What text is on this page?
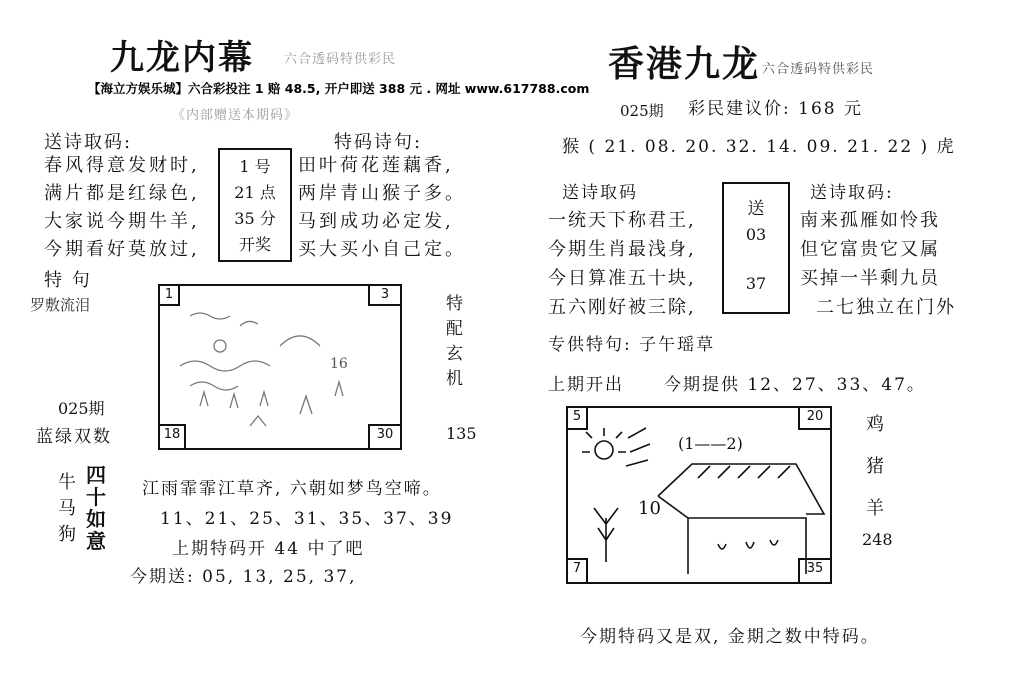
九龙内幕 六合透码特供彩民
【海立方娱乐城】六合彩投注 1 赔 48.5, 开户即送 388 元 . 网址 www.617788.com
《内部赠送本期码》
送诗取码:
春风得意发财时,
满片都是红绿色,
大家说今期牛羊,
今期看好莫放过,
1 号
21 点
35 分
开奖
特码诗句:
田叶荷花莲藕香,
两岸青山猴子多。
马到成功必定发,
买大买小自己定。
特 句
罗敷流泪
1	3
18	30
16
特配玄机
135
025期
蓝绿双数
牛
马
狗
四
十
如
意
江雨霏霏江草齐, 六朝如梦鸟空啼。
11、21、25、31、35、37、39
上期特码开 44 中了吧
今期送: 05, 13, 25, 37,
香港九龙 六合透码特供彩民
025期 彩民建议价: 168 元
猴 ( 21. 08. 20. 32. 14. 09. 21. 22 ) 虎
送诗取码	送诗取码:
一统天下称君王,
今期生肖最浅身,
今日算准五十块,
五六刚好被三除,
送
03
37
南来孤雁如怜我
但它富贵它又属
买掉一半剩九员
二七独立在门外
专供特句: 子午瑶草
上期开出 今期提供 12、27、33、47。
5	20
7	35
10
(1——2)
鸡
猪
羊
248
今期特码又是双, 金期之数中特码。
